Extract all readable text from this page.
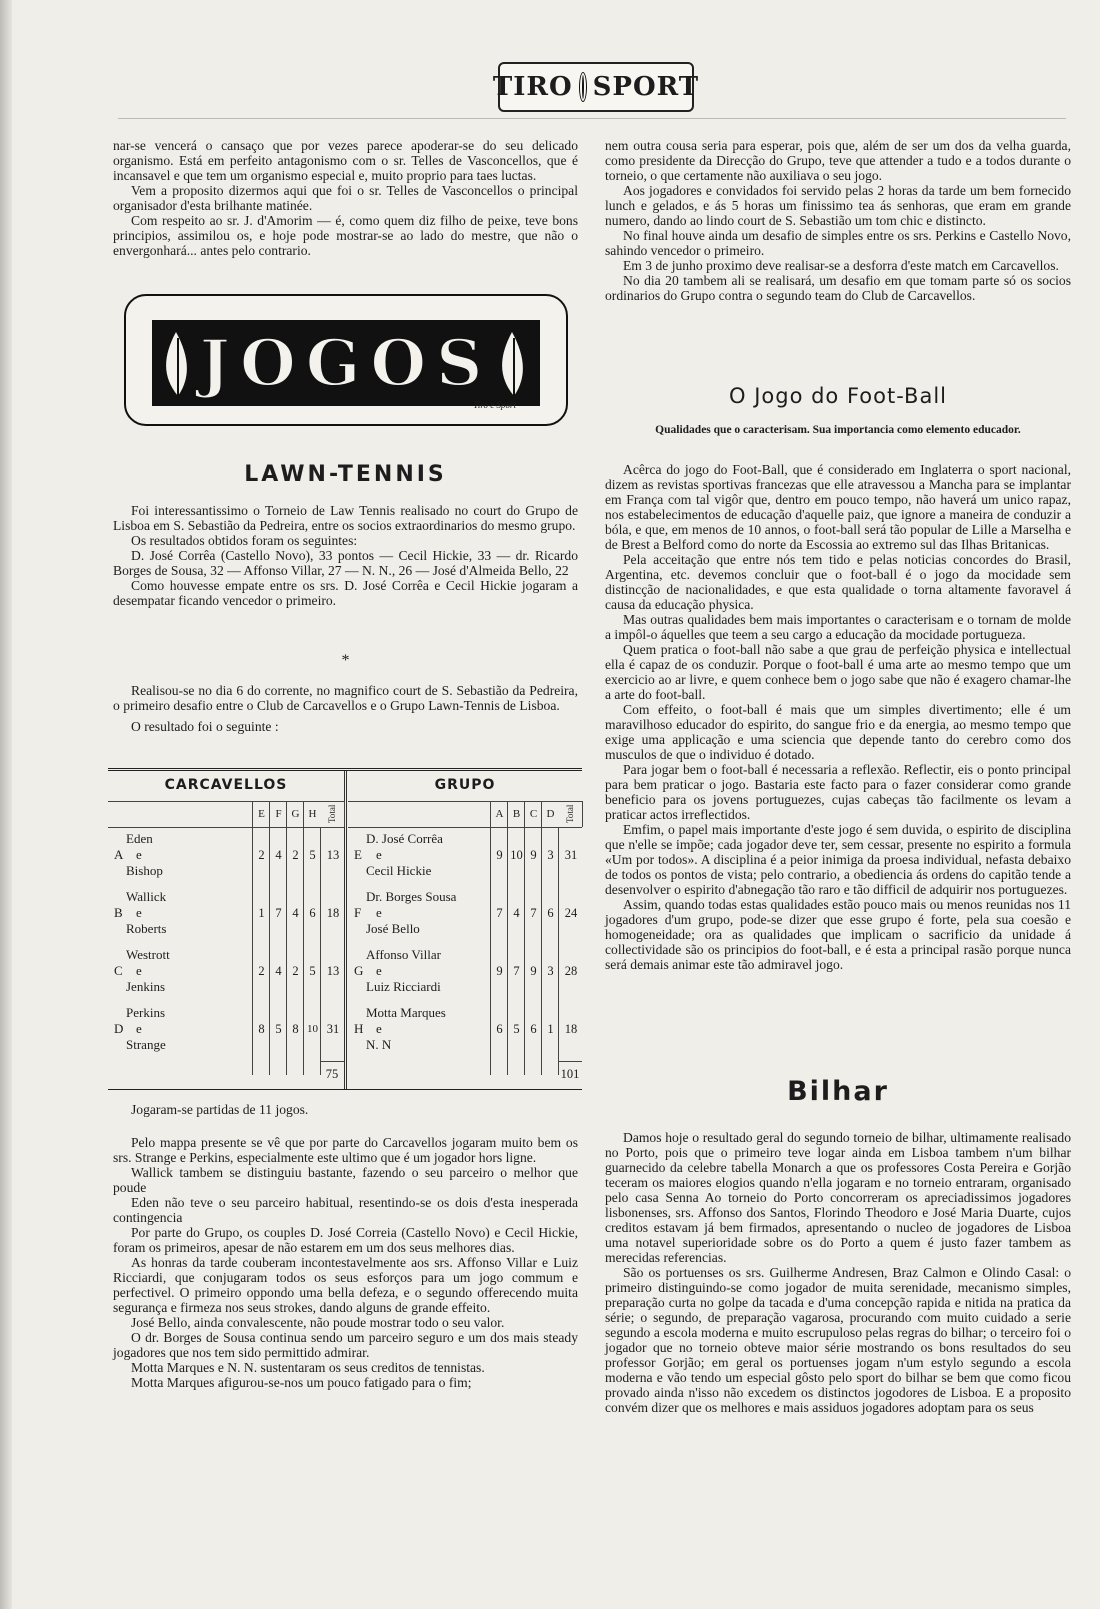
TIRO SPORT

nar-se vencerá o cansaço que por vezes parece apoderar-se do seu delicado organismo. Está em perfeito antagonismo com o sr. Telles de Vasconcellos, que é incansavel e que tem um organismo especial e, muito proprio para taes luctas.

Vem a proposito dizermos aqui que foi o sr. Telles de Vasconcellos o principal organisador d'esta brilhante matinée.

Com respeito ao sr. J. d'Amorim — é, como quem diz filho de peixe, teve bons principios, assimilou os, e hoje pode mostrar-se ao lado do mestre, que não o envergonhará... antes pelo contrario.

JOGOS
Tiro e Sport
LAWN-TENNIS

Foi interessantissimo o Torneio de Law Tennis realisado no court do Grupo de Lisboa em S. Sebastião da Pedreira, entre os socios extraordinarios do mesmo grupo.

Os resultados obtidos foram os seguintes:

D. José Corrêa (Castello Novo), 33 pontos — Cecil Hickie, 33 — dr. Ricardo Borges de Sousa, 32 — Affonso Villar, 27 — N. N., 26 — José d'Almeida Bello, 22

Como houvesse empate entre os srs. D. José Corrêa e Cecil Hickie jogaram a desempatar ficando vencedor o primeiro.

*

Realisou-se no dia 6 do corrente, no magnifico court de S. Sebastião da Pedreira, o primeiro desafio entre o Club de Carcavellos e o Grupo Lawn-Tennis de Lisboa.

O resultado foi o seguinte :

CARCAVELLOS
E F G H	Total
A
Eden
e
Bishop
2 4 2 5 13
B
Wallick
e
Roberts
1 7 4 6 18
C
Westrott
e
Jenkins
2 4 2 5 13
D
Perkins
e
Strange
8 5 8 10 31
75
GRUPO
A B C D	Total
E
D. José Corrêa
e
Cecil Hickie
9 10 9 3 31
F
Dr. Borges Sousa
e
José Bello
7 4 7 6 24
G
Affonso Villar
e
Luiz Ricciardi
9 7 9 3 28
H
Motta Marques
e
N. N
6 5 6 1 18
101

Jogaram-se partidas de 11 jogos.

Pelo mappa presente se vê que por parte do Carcavellos jogaram muito bem os srs. Strange e Perkins, especialmente este ultimo que é um jogador hors ligne.

Wallick tambem se distinguiu bastante, fazendo o seu parceiro o melhor que poude

Eden não teve o seu parceiro habitual, resentindo-se os dois d'esta inesperada contingencia

Por parte do Grupo, os couples D. José Correia (Castello Novo) e Cecil Hickie, foram os primeiros, apesar de não estarem em um dos seus melhores dias.

As honras da tarde couberam incontestavelmente aos srs. Affonso Villar e Luiz Ricciardi, que conjugaram todos os seus esforços para um jogo commum e perfectivel. O primeiro oppondo uma bella defeza, e o segundo offerecendo muita segurança e firmeza nos seus strokes, dando alguns de grande effeito.

José Bello, ainda convalescente, não poude mostrar todo o seu valor.

O dr. Borges de Sousa continua sendo um parceiro seguro e um dos mais steady jogadores que nos tem sido permittido admirar.

Motta Marques e N. N. sustentaram os seus creditos de tennistas.

Motta Marques afigurou-se-nos um pouco fatigado para o fim;

nem outra cousa seria para esperar, pois que, além de ser um dos da velha guarda, como presidente da Direcção do Grupo, teve que attender a tudo e a todos durante o torneio, o que certamente não auxiliava o seu jogo.

Aos jogadores e convidados foi servido pelas 2 horas da tarde um bem fornecido lunch e gelados, e ás 5 horas um finissimo tea ás senhoras, que eram em grande numero, dando ao lindo court de S. Sebastião um tom chic e distincto.

No final houve ainda um desafio de simples entre os srs. Perkins e Castello Novo, sahindo vencedor o primeiro.

Em 3 de junho proximo deve realisar-se a desforra d'este match em Carcavellos.

No dia 20 tambem ali se realisará, um desafio em que tomam parte só os socios ordinarios do Grupo contra o segundo team do Club de Carcavellos.

O Jogo do Foot-Ball
Qualidades que o caracterisam. Sua importancia como elemento educador.

Acêrca do jogo do Foot-Ball, que é considerado em Inglaterra o sport nacional, dizem as revistas sportivas francezas que elle atravessou a Mancha para se implantar em França com tal vigôr que, dentro em pouco tempo, não haverá um unico rapaz, nos estabelecimentos de educação d'aquelle paiz, que ignore a maneira de conduzir a bóla, e que, em menos de 10 annos, o foot-ball será tão popular de Lille a Marselha e de Brest a Belford como do norte da Escossia ao extremo sul das Ilhas Britanicas.

Pela acceitação que entre nós tem tido e pelas noticias concordes do Brasil, Argentina, etc. devemos concluir que o foot-ball é o jogo da mocidade sem distincção de nacionalidades, e que esta qualidade o torna altamente favoravel á causa da educação physica.

Mas outras qualidades bem mais importantes o caracterisam e o tornam de molde a impôl-o áquelles que teem a seu cargo a educação da mocidade portugueza.

Quem pratica o foot-ball não sabe a que grau de perfeição physica e intellectual ella é capaz de os conduzir. Porque o foot-ball é uma arte ao mesmo tempo que um exercicio ao ar livre, e quem conhece bem o jogo sabe que não é exagero chamar-lhe a arte do foot-ball.

Com effeito, o foot-ball é mais que um simples divertimento; elle é um maravilhoso educador do espirito, do sangue frio e da energia, ao mesmo tempo que exige uma applicação e uma sciencia que depende tanto do cerebro como dos musculos de que o individuo é dotado.

Para jogar bem o foot-ball é necessaria a reflexão. Reflectir, eis o ponto principal para bem praticar o jogo. Bastaria este facto para o fazer considerar como grande beneficio para os jovens portuguezes, cujas cabeças tão facilmente os levam a praticar actos irreflectidos.

Emfim, o papel mais importante d'este jogo é sem duvida, o espirito de disciplina que n'elle se impõe; cada jogador deve ter, sem cessar, presente no espirito a formula «Um por todos». A disciplina é a peior inimiga da proesa individual, nefasta debaixo de todos os pontos de vista; pelo contrario, a obediencia ás ordens do capitão tende a desenvolver o espirito d'abnegação tão raro e tão difficil de adquirir nos portuguezes.

Assim, quando todas estas qualidades estão pouco mais ou menos reunidas nos 11 jogadores d'um grupo, pode-se dizer que esse grupo é forte, pela sua coesão e homogeneidade; ora as qualidades que implicam o sacrificio da unidade á collectividade são os principios do foot-ball, e é esta a principal rasão porque nunca será demais animar este tão admiravel jogo.

Bilhar

Damos hoje o resultado geral do segundo torneio de bilhar, ultimamente realisado no Porto, pois que o primeiro teve logar ainda em Lisboa tambem n'um bilhar guarnecido da celebre tabella Monarch a que os professores Costa Pereira e Gorjão teceram os maiores elogios quando n'ella jogaram e no torneio entraram, organisado pelo casa Senna Ao torneio do Porto concorreram os apreciadissimos jogadores lisbonenses, srs. Affonso dos Santos, Florindo Theodoro e José Maria Duarte, cujos creditos estavam já bem firmados, apresentando o nucleo de jogadores de Lisboa uma notavel superioridade sobre os do Porto a quem é justo fazer tambem as merecidas referencias.

São os portuenses os srs. Guilherme Andresen, Braz Calmon e Olindo Casal: o primeiro distinguindo-se como jogador de muita serenidade, mecanismo simples, preparação curta no golpe da tacada e d'uma concepção rapida e nitida na pratica da série; o segundo, de preparação vagarosa, procurando com muito cuidado a serie segundo a escola moderna e muito escrupuloso pelas regras do bilhar; o terceiro foi o jogador que no torneio obteve maior série mostrando os bons resultados do seu professor Gorjão; em geral os portuenses jogam n'um estylo segundo a escola moderna e vão tendo um especial gôsto pelo sport do bilhar se bem que como ficou provado ainda n'isso não excedem os distinctos jogodores de Lisboa. E a proposito convém dizer que os melhores e mais assiduos jogadores adoptam para os seus
